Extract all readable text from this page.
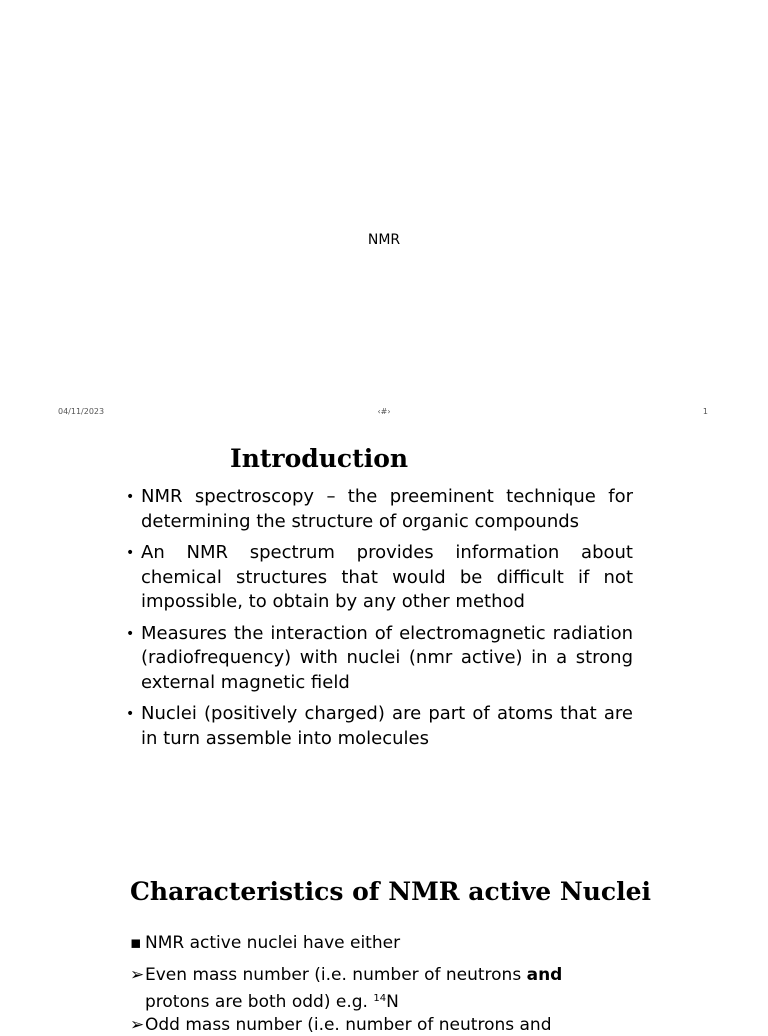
NMR
04/11/2023	‹#›	1
Introduction
• NMR spectroscopy – the preeminent technique for determining the structure of organic compounds
• An NMR spectrum provides information about chemical structures that would be difficult if not impossible, to obtain by any other method
• Measures the interaction of electromagnetic radiation (radiofrequency) with nuclei (nmr active) in a strong external magnetic field
• Nuclei (positively charged) are part of atoms that are in turn assemble into molecules
Characteristics of NMR active Nuclei
▪ NMR active nuclei have either
➢Even mass number (i.e. number of neutrons and
protons are both odd) e.g. $^{14}$N
➢Odd mass number (i.e. number of neutrons and
